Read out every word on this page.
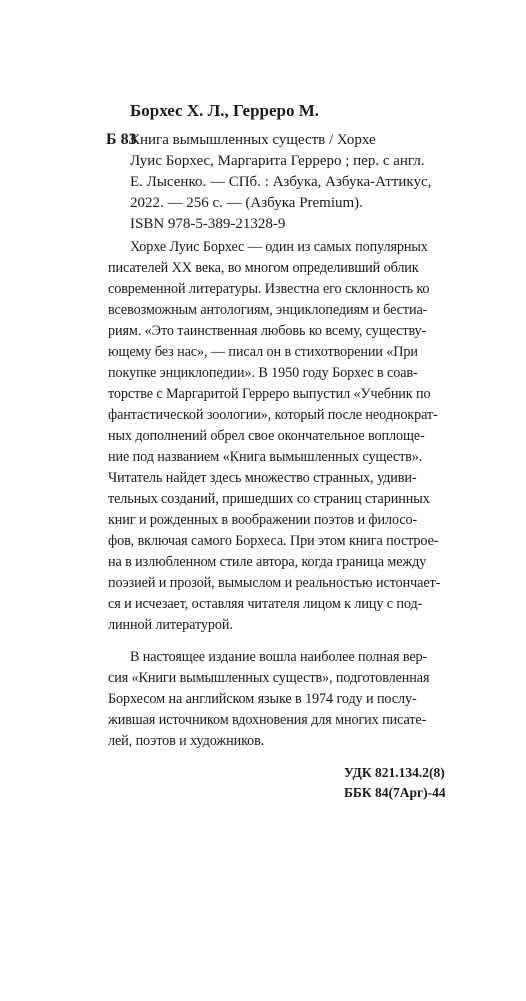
Борхес Х. Л., Герреро М.
Б 83
Книга вымышленных существ / Хорхе
Луис Борхес, Маргарита Герреро ; пер. с англ.
Е. Лысенко. — СПб. : Азбука, Азбука-Аттикус,
2022. — 256 с. — (Азбука Premium).
ISBN 978-5-389-21328-9
Хорхе Луис Борхес — один из самых популярных
писателей XX века, во многом определивший облик
современной литературы. Известна его склонность ко
всевозможным антологиям, энциклопедиям и бестиа-
риям. «Это таинственная любовь ко всему, существу-
ющему без нас», — писал он в стихотворении «При
покупке энциклопедии». В 1950 году Борхес в соав-
торстве с Маргаритой Герреро выпустил «Учебник по
фантастической зоологии», который после неоднократ-
ных дополнений обрел свое окончательное воплоще-
ние под названием «Книга вымышленных существ».
Читатель найдет здесь множество странных, удиви-
тельных созданий, пришедших со страниц старинных
книг и рожденных в воображении поэтов и филосо-
фов, включая самого Борхеса. При этом книга построе-
на в излюбленном стиле автора, когда граница между
поэзией и прозой, вымыслом и реальностью истончает-
ся и исчезает, оставляя читателя лицом к лицу с под-
линной литературой.
В настоящее издание вошла наиболее полная вер-
сия «Книги вымышленных существ», подготовленная
Борхесом на английском языке в 1974 году и послу-
жившая источником вдохновения для многих писате-
лей, поэтов и художников.
УДК 821.134.2(8)
ББК 84(7Арг)-44
